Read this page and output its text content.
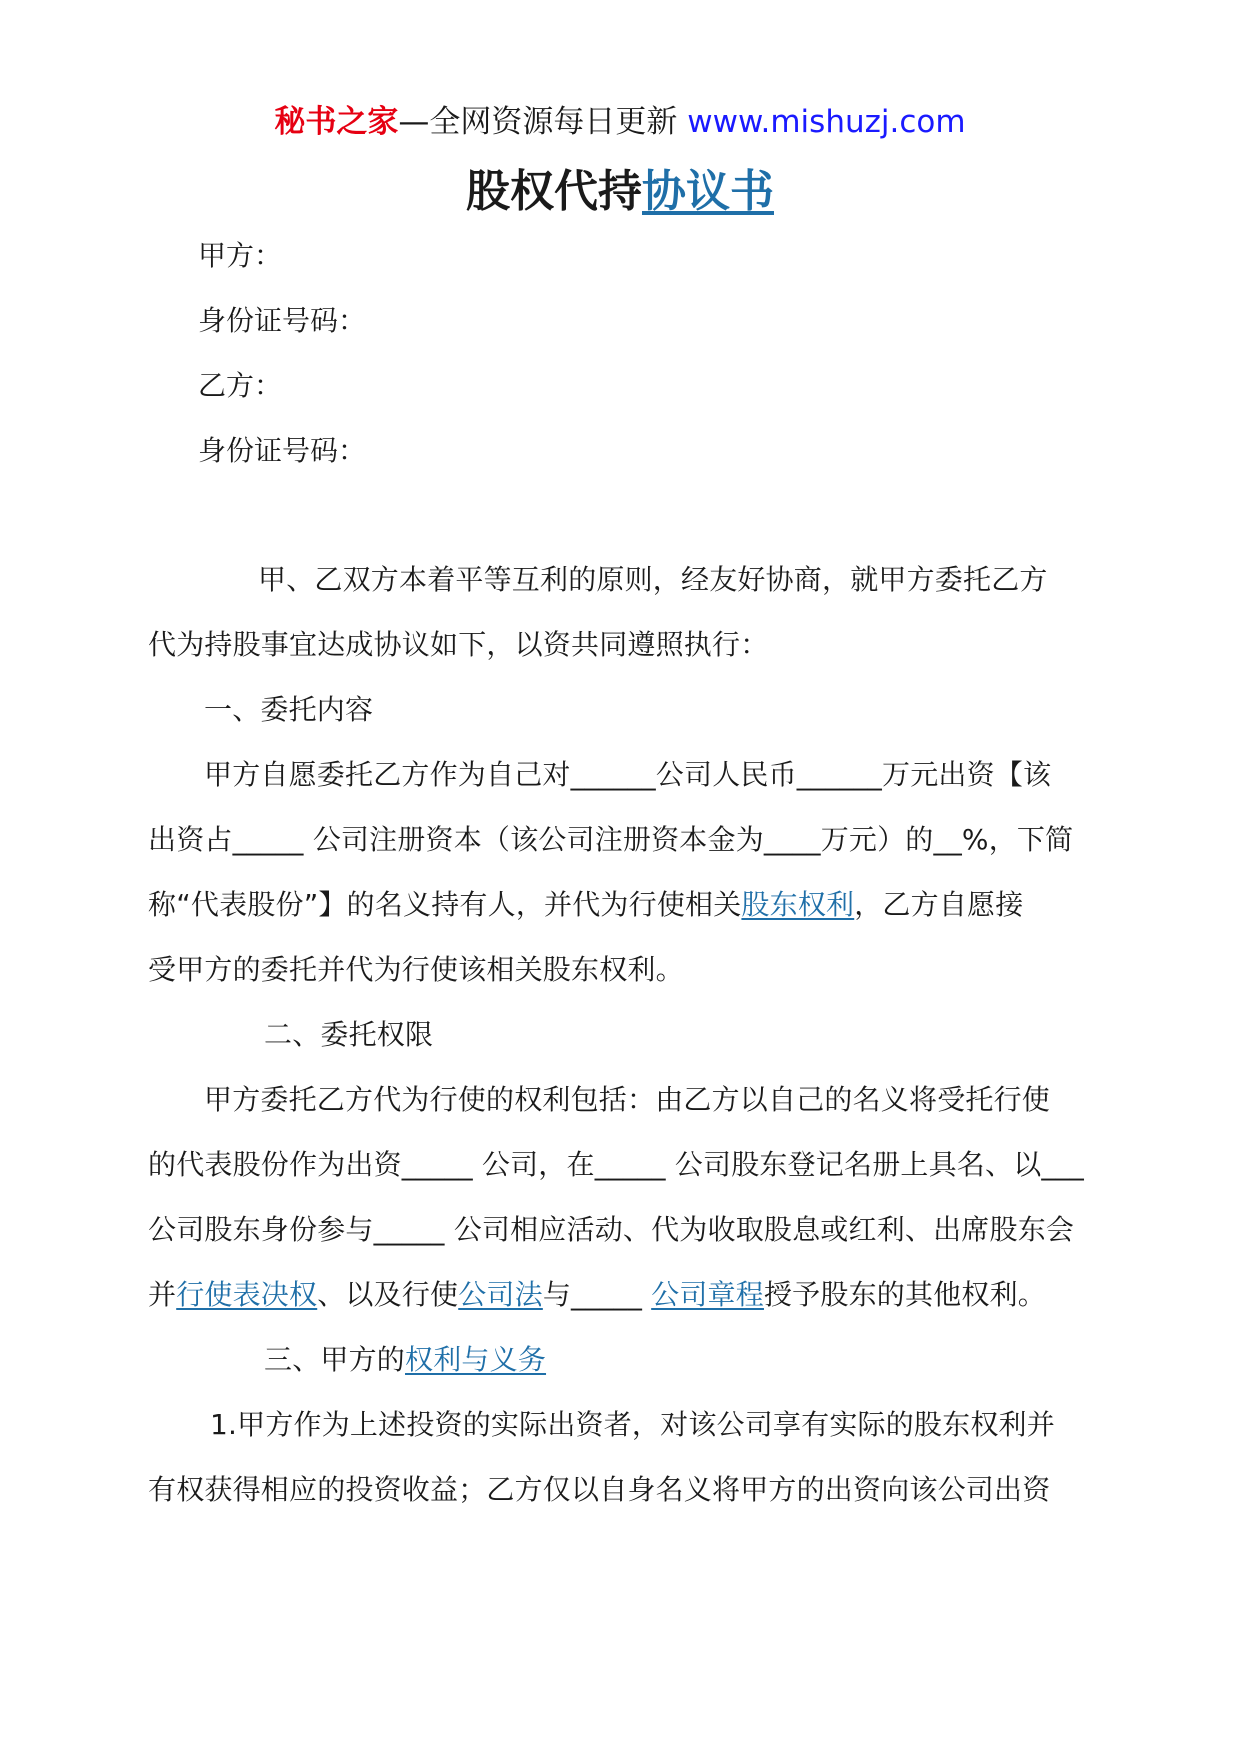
秘书之家—全网资源每日更新 www.mishuzj.com
股权代持协议书
甲方：
身份证号码：
乙方：
身份证号码：
甲、乙双方本着平等互利的原则，经友好协商，就甲方委托乙方
代为持股事宜达成协议如下，以资共同遵照执行：
一、委托内容
甲方自愿委托乙方作为自己对______公司人民币______万元出资【该
出资占_____ 公司注册资本（该公司注册资本金为____万元）的__%，下简
称“代表股份”】的名义持有人，并代为行使相关股东权利，乙方自愿接
受甲方的委托并代为行使该相关股东权利。
二、委托权限
甲方委托乙方代为行使的权利包括：由乙方以自己的名义将受托行使
的代表股份作为出资_____ 公司，在_____ 公司股东登记名册上具名、以___
公司股东身份参与_____ 公司相应活动、代为收取股息或红利、出席股东会
并行使表决权、以及行使公司法与_____ 公司章程授予股东的其他权利。
三、甲方的权利与义务
1.甲方作为上述投资的实际出资者，对该公司享有实际的股东权利并
有权获得相应的投资收益；乙方仅以自身名义将甲方的出资向该公司出资
